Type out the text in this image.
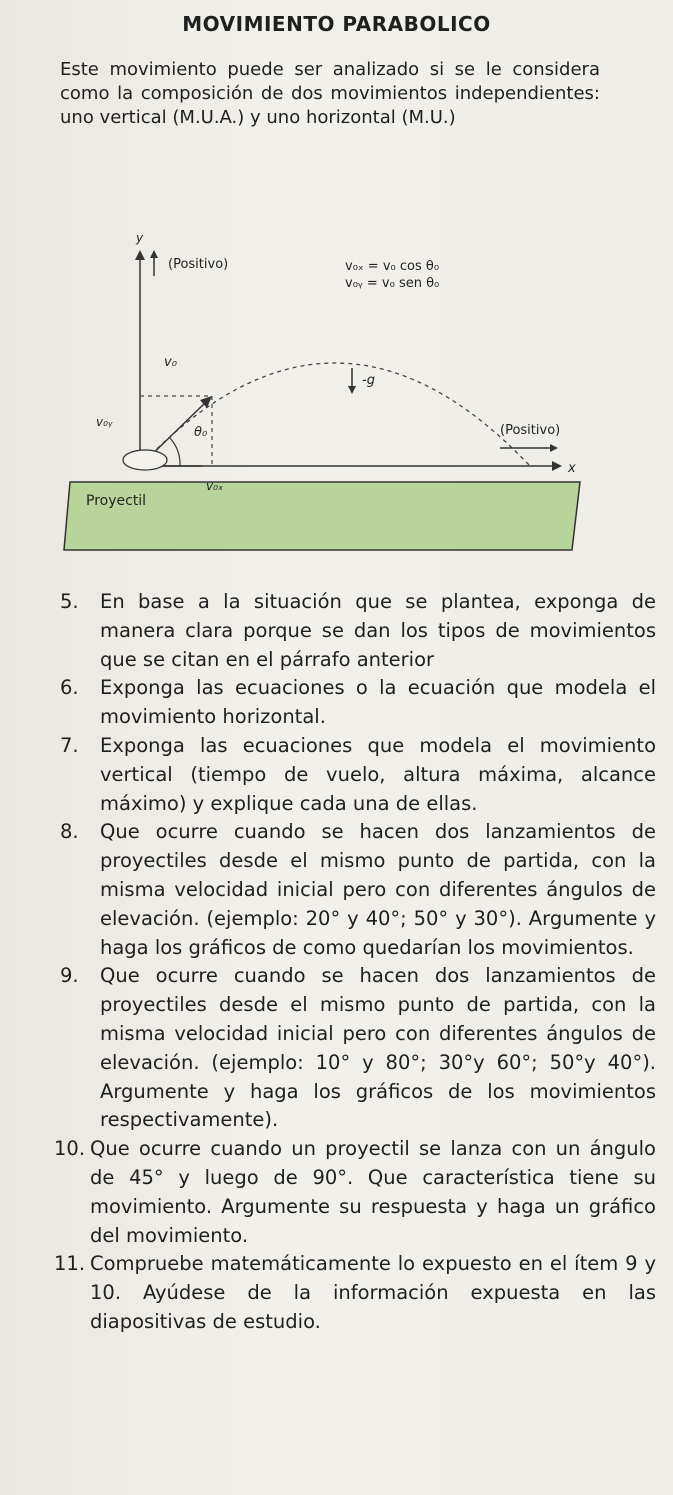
MOVIMIENTO PARABOLICO

Este movimiento puede ser analizado si se le considera como la composición de dos movimientos independientes: uno vertical (M.U.A.) y uno horizontal (M.U.)

x
y
(Positivo)	v₀ₓ = v₀ cos θ₀
v₀ᵧ = v₀ sen θ₀
v₀
v₀ₓ
v₀ᵧ
θ₀
-g
(Positivo)
Proyectil
5.	En base a la situación que se plantea, exponga de manera clara porque se dan los tipos de movimientos que se citan en el párrafo anterior
6.	Exponga las ecuaciones o la ecuación que modela el movimiento horizontal.
7.	Exponga las ecuaciones que modela el movimiento vertical (tiempo de vuelo, altura máxima, alcance máximo) y explique cada una de ellas.
8.	Que ocurre cuando se hacen dos lanzamientos de proyectiles desde el mismo punto de partida, con la misma velocidad inicial pero con diferentes ángulos de elevación. (ejemplo: 20° y 40°; 50° y 30°). Argumente y haga los gráficos de como quedarían los movimientos.
9.	Que ocurre cuando se hacen dos lanzamientos de proyectiles desde el mismo punto de partida, con la misma velocidad inicial pero con diferentes ángulos de elevación. (ejemplo: 10° y 80°; 30°y 60°; 50°y 40°). Argumente y haga los gráficos de los movimientos respectivamente).
10. Que ocurre cuando un proyectil se lanza con un ángulo de 45° y luego de 90°. Que característica tiene su movimiento. Argumente su respuesta y haga un gráfico del movimiento.
11. Compruebe matemáticamente lo expuesto en el ítem 9 y 10. Ayúdese de la información expuesta en las diapositivas de estudio.
